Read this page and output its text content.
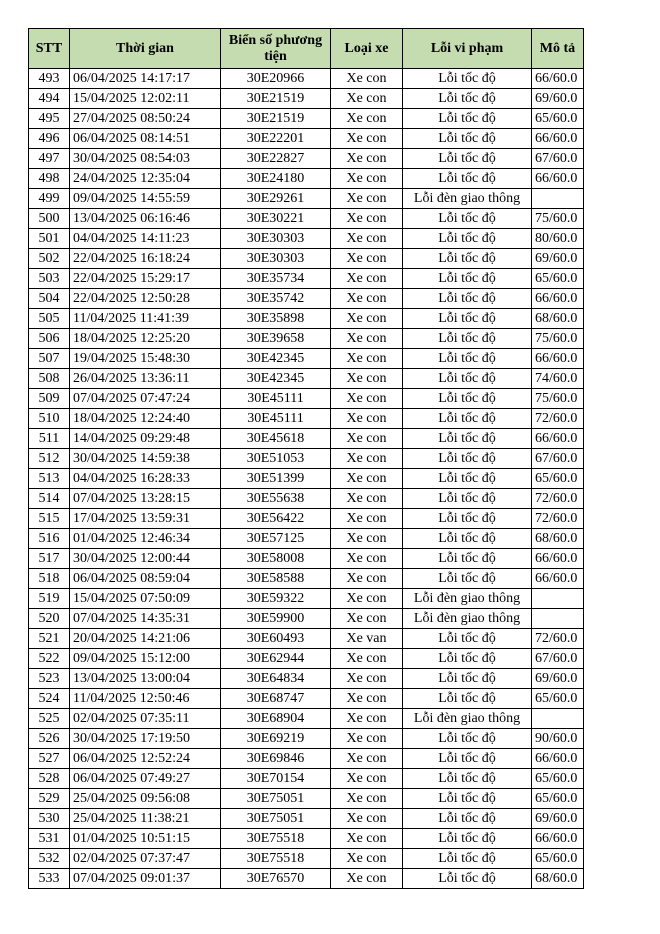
STT	Thời gian	Biển số phương tiện	Loại xe	Lỗi vi phạm	Mô tả
493	06/04/2025 14:17:17	30E20966	Xe con	Lỗi tốc độ	66/60.0
494	15/04/2025 12:02:11	30E21519	Xe con	Lỗi tốc độ	69/60.0
495	27/04/2025 08:50:24	30E21519	Xe con	Lỗi tốc độ	65/60.0
496	06/04/2025 08:14:51	30E22201	Xe con	Lỗi tốc độ	66/60.0
497	30/04/2025 08:54:03	30E22827	Xe con	Lỗi tốc độ	67/60.0
498	24/04/2025 12:35:04	30E24180	Xe con	Lỗi tốc độ	66/60.0
499	09/04/2025 14:55:59	30E29261	Xe con	Lỗi đèn giao thông	
500	13/04/2025 06:16:46	30E30221	Xe con	Lỗi tốc độ	75/60.0
501	04/04/2025 14:11:23	30E30303	Xe con	Lỗi tốc độ	80/60.0
502	22/04/2025 16:18:24	30E30303	Xe con	Lỗi tốc độ	69/60.0
503	22/04/2025 15:29:17	30E35734	Xe con	Lỗi tốc độ	65/60.0
504	22/04/2025 12:50:28	30E35742	Xe con	Lỗi tốc độ	66/60.0
505	11/04/2025 11:41:39	30E35898	Xe con	Lỗi tốc độ	68/60.0
506	18/04/2025 12:25:20	30E39658	Xe con	Lỗi tốc độ	75/60.0
507	19/04/2025 15:48:30	30E42345	Xe con	Lỗi tốc độ	66/60.0
508	26/04/2025 13:36:11	30E42345	Xe con	Lỗi tốc độ	74/60.0
509	07/04/2025 07:47:24	30E45111	Xe con	Lỗi tốc độ	75/60.0
510	18/04/2025 12:24:40	30E45111	Xe con	Lỗi tốc độ	72/60.0
511	14/04/2025 09:29:48	30E45618	Xe con	Lỗi tốc độ	66/60.0
512	30/04/2025 14:59:38	30E51053	Xe con	Lỗi tốc độ	67/60.0
513	04/04/2025 16:28:33	30E51399	Xe con	Lỗi tốc độ	65/60.0
514	07/04/2025 13:28:15	30E55638	Xe con	Lỗi tốc độ	72/60.0
515	17/04/2025 13:59:31	30E56422	Xe con	Lỗi tốc độ	72/60.0
516	01/04/2025 12:46:34	30E57125	Xe con	Lỗi tốc độ	68/60.0
517	30/04/2025 12:00:44	30E58008	Xe con	Lỗi tốc độ	66/60.0
518	06/04/2025 08:59:04	30E58588	Xe con	Lỗi tốc độ	66/60.0
519	15/04/2025 07:50:09	30E59322	Xe con	Lỗi đèn giao thông	
520	07/04/2025 14:35:31	30E59900	Xe con	Lỗi đèn giao thông	
521	20/04/2025 14:21:06	30E60493	Xe van	Lỗi tốc độ	72/60.0
522	09/04/2025 15:12:00	30E62944	Xe con	Lỗi tốc độ	67/60.0
523	13/04/2025 13:00:04	30E64834	Xe con	Lỗi tốc độ	69/60.0
524	11/04/2025 12:50:46	30E68747	Xe con	Lỗi tốc độ	65/60.0
525	02/04/2025 07:35:11	30E68904	Xe con	Lỗi đèn giao thông	
526	30/04/2025 17:19:50	30E69219	Xe con	Lỗi tốc độ	90/60.0
527	06/04/2025 12:52:24	30E69846	Xe con	Lỗi tốc độ	66/60.0
528	06/04/2025 07:49:27	30E70154	Xe con	Lỗi tốc độ	65/60.0
529	25/04/2025 09:56:08	30E75051	Xe con	Lỗi tốc độ	65/60.0
530	25/04/2025 11:38:21	30E75051	Xe con	Lỗi tốc độ	69/60.0
531	01/04/2025 10:51:15	30E75518	Xe con	Lỗi tốc độ	66/60.0
532	02/04/2025 07:37:47	30E75518	Xe con	Lỗi tốc độ	65/60.0
533	07/04/2025 09:01:37	30E76570	Xe con	Lỗi tốc độ	68/60.0
